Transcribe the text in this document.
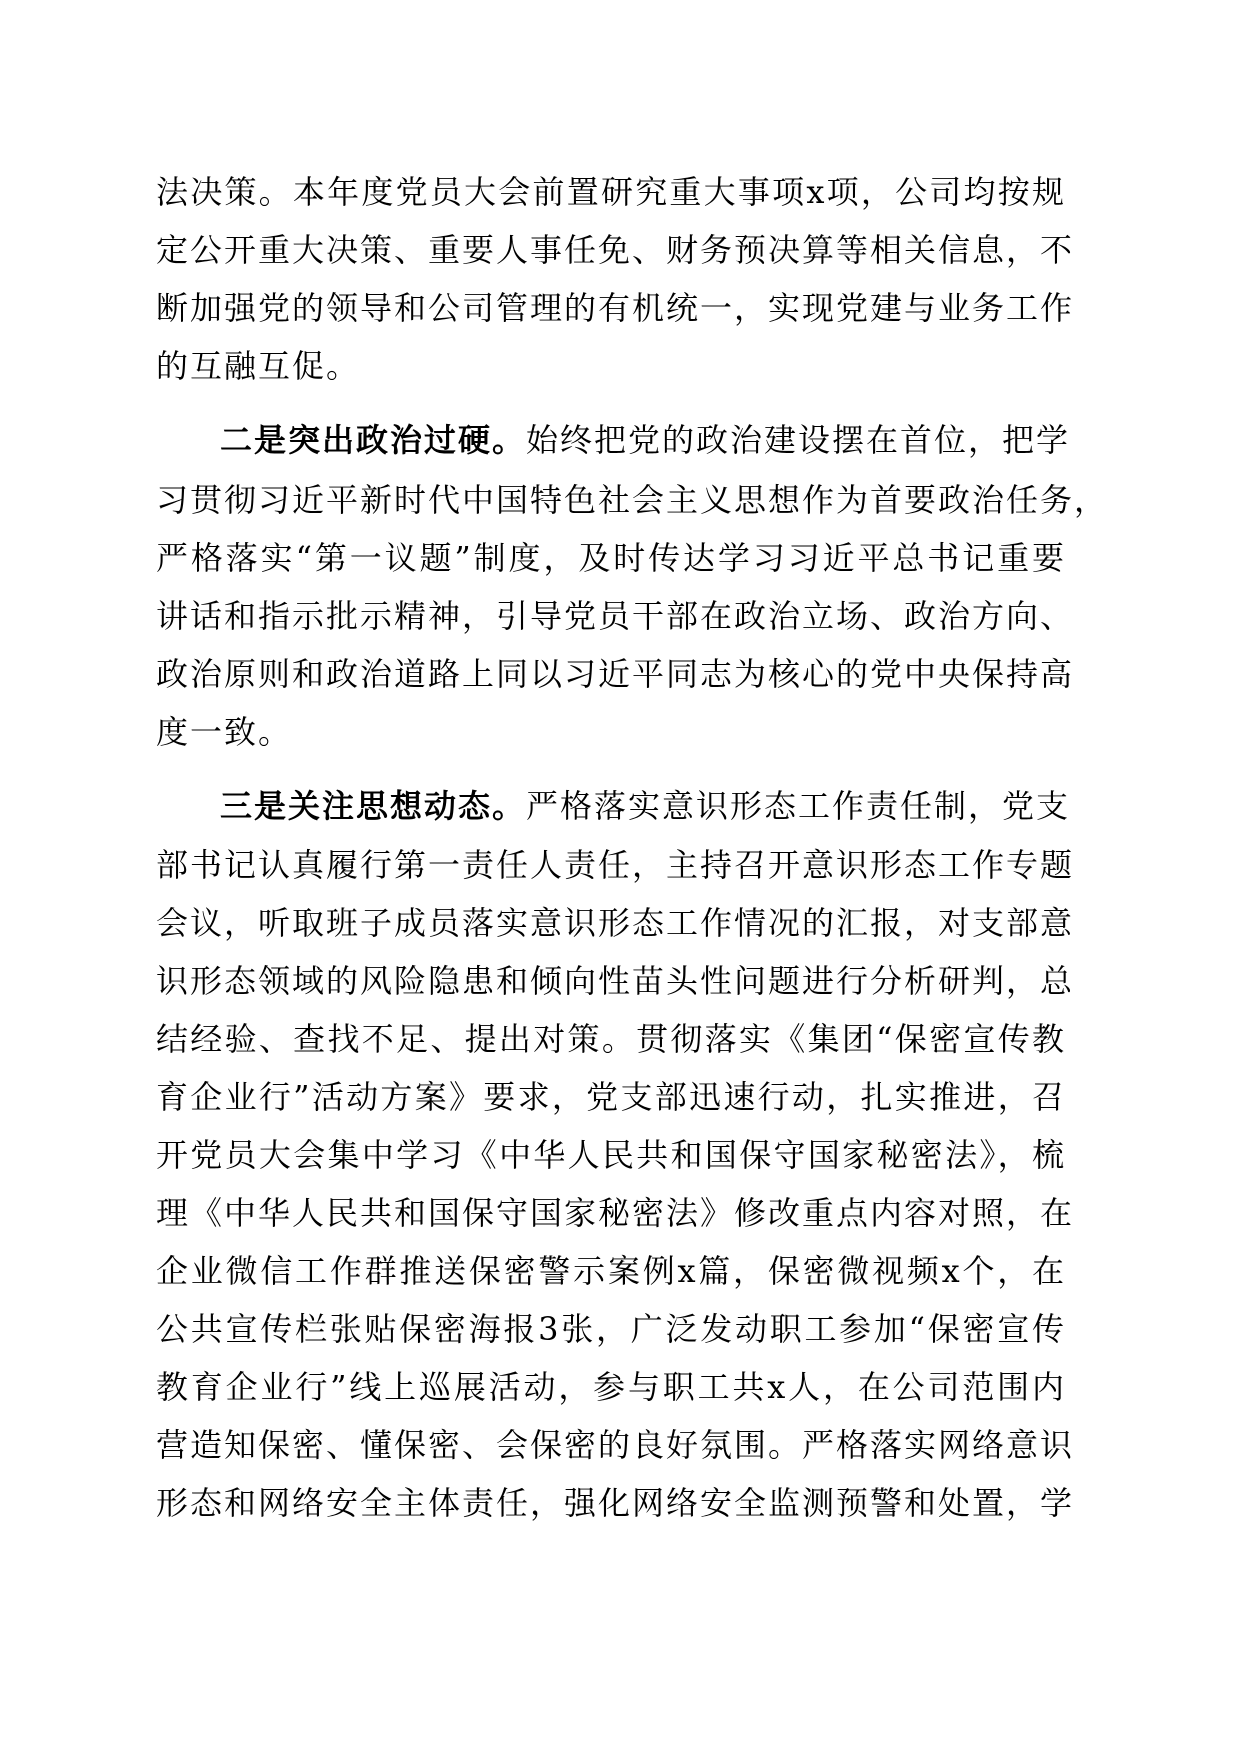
法决策。本年度党员大会前置研究重大事项x项，公司均按规
定公开重大决策、重要人事任免、财务预决算等相关信息，不
断加强党的领导和公司管理的有机统一，实现党建与业务工作
的互融互促。
二是突出政治过硬。始终把党的政治建设摆在首位，把学
习贯彻习近平新时代中国特色社会主义思想作为首要政治任务，
严格落实“第一议题”制度，及时传达学习习近平总书记重要
讲话和指示批示精神，引导党员干部在政治立场、政治方向、
政治原则和政治道路上同以习近平同志为核心的党中央保持高
度一致。
三是关注思想动态。严格落实意识形态工作责任制，党支
部书记认真履行第一责任人责任，主持召开意识形态工作专题
会议，听取班子成员落实意识形态工作情况的汇报，对支部意
识形态领域的风险隐患和倾向性苗头性问题进行分析研判，总
结经验、查找不足、提出对策。贯彻落实《集团“保密宣传教
育企业行”活动方案》要求，党支部迅速行动，扎实推进，召
开党员大会集中学习《中华人民共和国保守国家秘密法》，梳
理《中华人民共和国保守国家秘密法》修改重点内容对照，在
企业微信工作群推送保密警示案例x篇，保密微视频x个，在
公共宣传栏张贴保密海报3张，广泛发动职工参加“保密宣传
教育企业行”线上巡展活动，参与职工共x人，在公司范围内
营造知保密、懂保密、会保密的良好氛围。严格落实网络意识
形态和网络安全主体责任，强化网络安全监测预警和处置，学
